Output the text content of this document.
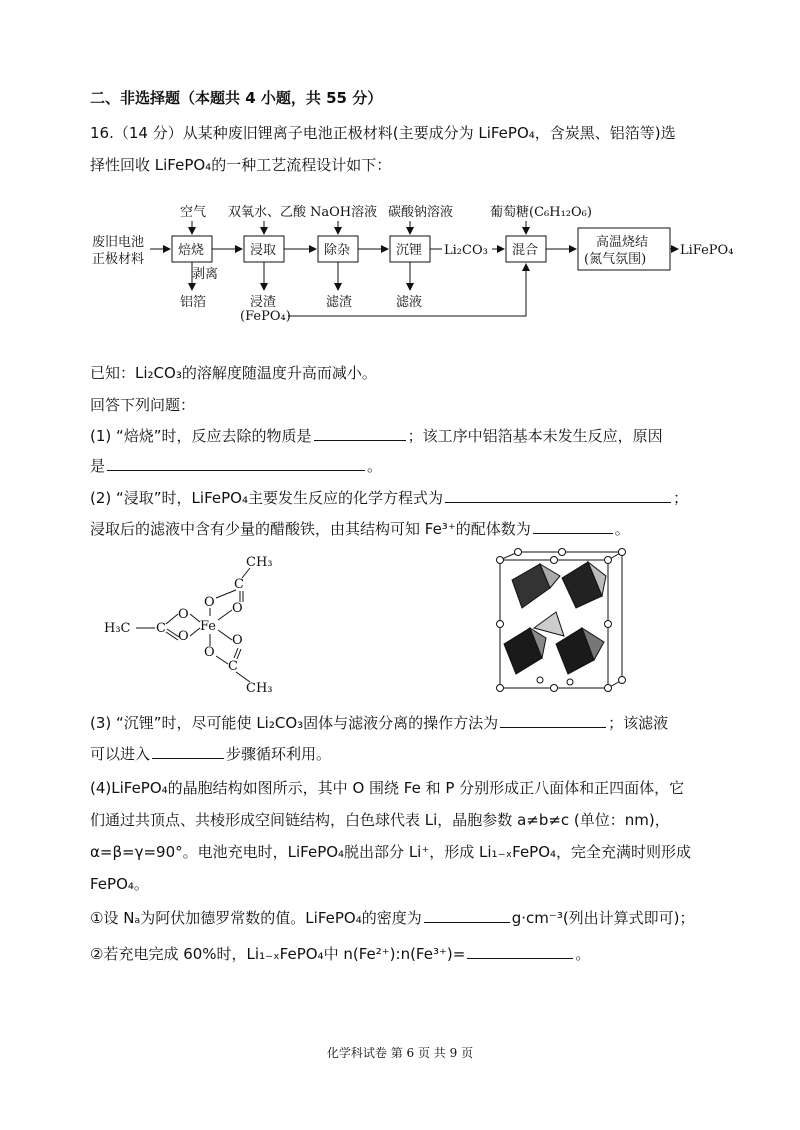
二、非选择题（本题共 4 小题，共 55 分）
16.（14 分）从某种废旧锂离子电池正极材料(主要成分为 LiFePO₄，含炭黑、铝箔等)选
择性回收 LiFePO₄的一种工艺流程设计如下：
废旧电池
正极材料
空气 双氧水、乙酸 NaOH溶液 碳酸钠溶液	葡萄糖(C₆H₁₂O₆)
焙烧	浸取	除杂	沉锂 Li₂CO₃ 混合
高温烧结
(氮气氛围)
LiFePO₄
剥离
铝箔	浸渣
(FePO₄)
滤渣	滤液
已知：Li₂CO₃的溶解度随温度升高而减小。
回答下列问题：
(1) “焙烧”时，反应去除的物质是	；该工序中铝箔基本未发生反应，原因
是	。
(2) “浸取”时，LiFePO₄主要发生反应的化学方程式为	；
浸取后的滤液中含有少量的醋酸铁，由其结构可知 Fe³⁺的配体数为	。
CH₃
C
O O
H₃C C
O
O
Fe
O
O
C
CH₃
(3) “沉锂”时，尽可能使 Li₂CO₃固体与滤液分离的操作方法为	；该滤液
可以进入	步骤循环利用。
(4)LiFePO₄的晶胞结构如图所示，其中 O 围绕 Fe 和 P 分别形成正八面体和正四面体，它
们通过共顶点、共棱形成空间链结构，白色球代表 Li，晶胞参数 a≠b≠c (单位：nm)，
α=β=γ=90°。电池充电时，LiFePO₄脱出部分 Li⁺，形成 Li₁₋ₓFePO₄，完全充满时则形成
FePO₄。
①设 Nₐ为阿伏加德罗常数的值。LiFePO₄的密度为	g·cm⁻³(列出计算式即可)；
②若充电完成 60%时，Li₁₋ₓFePO₄中 n(Fe²⁺):n(Fe³⁺)=	。
化学科试卷 第 6 页 共 9 页
